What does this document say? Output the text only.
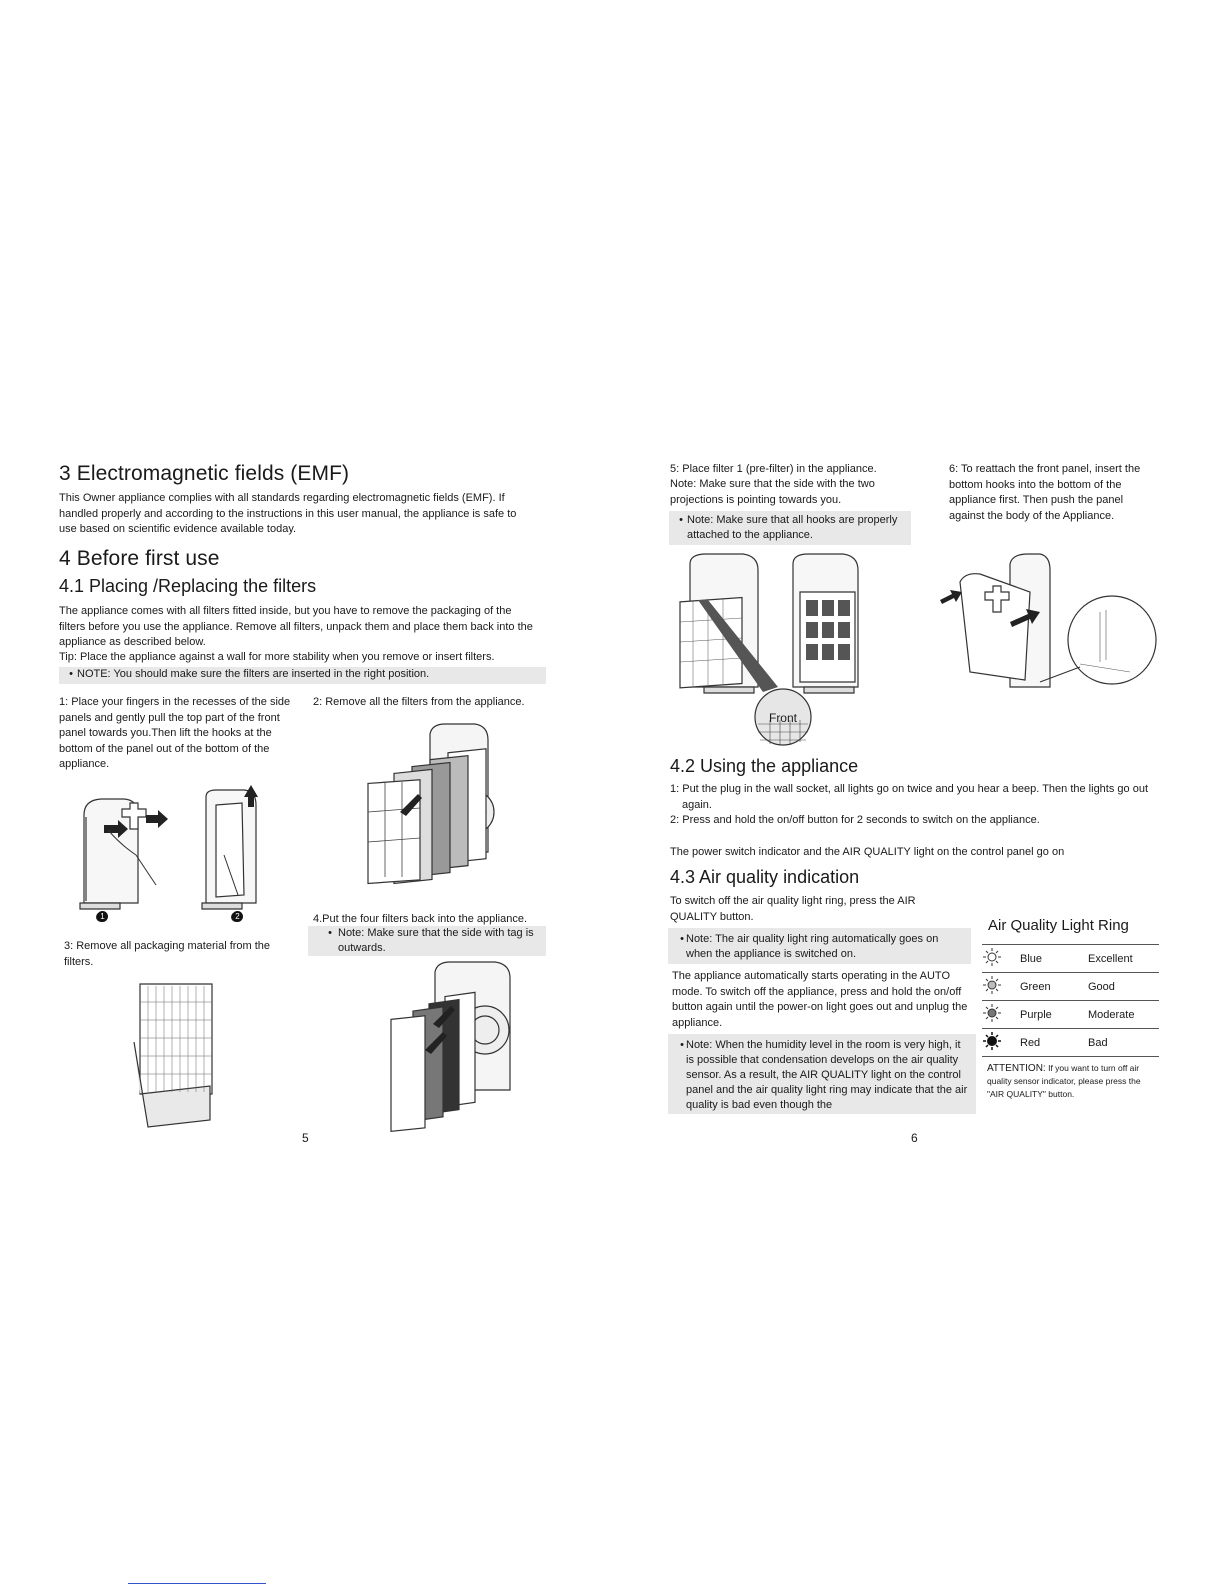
3 Electromagnetic fields (EMF)
This Owner appliance complies with all standards regarding electromagnetic fields (EMF). If handled properly and according to the instructions in this user manual, the appliance is safe to use based on scientific evidence available today.
4 Before first use
4.1 Placing /Replacing the filters
The appliance comes with all filters fitted inside, but you have to remove the packaging of the filters before you use the appliance. Remove all filters, unpack them and place them back into the appliance as described below.
Tip: Place the appliance against a wall for more stability when you remove or insert filters.
• NOTE: You should make sure the filters are inserted in the right position.
1: Place your fingers in the recesses of the side panels and gently pull the top part of the front panel towards you.Then lift the hooks at the bottom of the panel out of the bottom of the appliance.
2: Remove all the filters from the appliance.
1	2	4.Put the four filters back into the appliance.
• Note: Make sure that the side with tag is outwards.
3: Remove all packaging material from the filters.
5
5: Place filter 1 (pre-filter) in the appliance.
Note: Make sure that the side with the two projections is pointing towards you.
• Note: Make sure that all hooks are properly attached to the appliance.
6: To reattach the front panel, insert the bottom hooks into the bottom of the appliance first. Then push the panel against the body of the Appliance.
Front
4.2 Using the appliance
1: Put the plug in the wall socket, all lights go on twice and you hear a beep. Then the lights go out again.
2: Press and hold the on/off button for 2 seconds to switch on the appliance.
The power switch indicator and the AIR QUALITY light on the control panel go on
4.3 Air quality indication
To switch off the air quality light ring, press the AIR QUALITY button.
• Note: The air quality light ring automatically goes on when the appliance is switched on.
The appliance automatically starts operating in the AUTO mode. To switch off the appliance, press and hold the on/off button again until the power-on light goes out and unplug the appliance.
• Note: When the humidity level in the room is very high, it is possible that condensation develops on the air quality sensor. As a result, the AIR QUALITY light on the control panel and the air quality light ring may indicate that the air quality is bad even though the
Air Quality Light Ring
	Blue	Excellent
	Green	Good
	Purple	Moderate
	Red	Bad
ATTENTION: If you want to turn off air quality sensor indicator, please press the "AIR QUALITY" button.
6
